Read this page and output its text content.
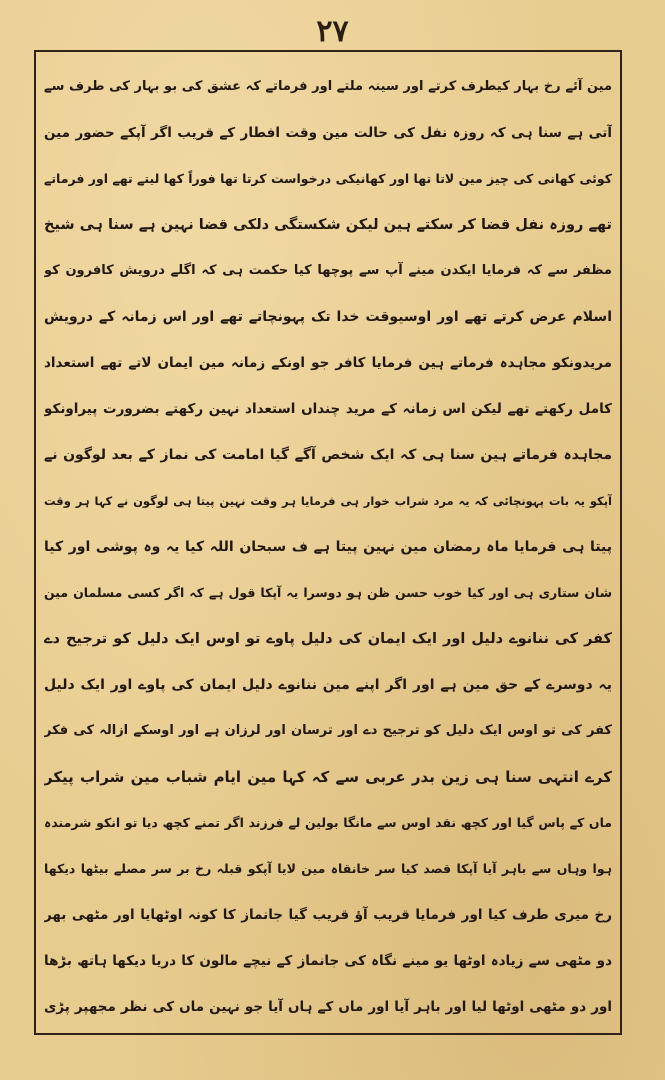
۲۷
مین آئے رخ بہار کیطرف کرتے اور سینہ ملتے اور فرماتے کہ عشق کی بو بہار کی طرف سے
آتی ہے سنا ہی کہ روزہ نفل کی حالت مین وقت افطار کے قریب اگر آپکے حضور مین
کوئی کھانی کی چیز مین لاتا تھا اور کھانیکی درخواست کرتا تھا فوراً کھا لیتے تھے اور فرماتے
تھے روزہ نفل قضا کر سکتے ہین لیکن شکستگی دلکی قضا نہین ہے سنا ہی شیخ
مظفر سے کہ فرمایا ایکدن مینے آپ سے پوچھا کیا حکمت ہی کہ اگلے درویش کافرون کو
اسلام عرض کرتے تھے اور اوسیوقت خدا تک پہونچاتے تھے اور اس زمانہ کے درویش
مریدونکو مجاہدہ فرماتے ہین فرمایا کافر جو اونکے زمانہ مین ایمان لاتے تھے استعداد
کامل رکھتے تھے لیکن اس زمانہ کے مرید چنداں استعداد نہین رکھتے بضرورت پیراونکو
مجاہدہ فرماتے ہین سنا ہی کہ ایک شخص آگے گیا امامت کی نماز کے بعد لوگون نے
آپکو یہ بات پہونچائی کہ یہ مرد شراب خوار ہی فرمایا ہر وقت نہین پیتا ہی لوگون نے کہا ہر وقت
پیتا ہی فرمایا ماہ رمضان مین نہین پیتا ہے ف سبحان اللہ کیا یہ وہ پوشی اور کیا
شان ستاری ہی اور کیا خوب حسن ظن ہو دوسرا یہ آپکا قول ہے کہ اگر کسی مسلمان مین
کفر کی ننانوے دلیل اور ایک ایمان کی دلیل پاوے تو اوس ایک دلیل کو ترجیح دے
یہ دوسرے کے حق مین ہے اور اگر اپنے مین ننانوے دلیل ایمان کی پاوے اور ایک دلیل
کفر کی تو اوس ایک دلیل کو ترجیح دے اور ترسان اور لرزان ہے اور اوسکے ازالہ کی فکر
کرے انتہی سنا ہی زین بدر عربی سے کہ کہا مین ایام شباب مین شراب پیکر
ماں کے پاس گیا اور کچھ نقد اوس سے مانگا بولین لے فرزند اگر تمنے کچھ دیا تو انکو شرمندہ
ہوا وہاں سے باہر آیا آپکا قصد کیا سر خانقاہ مین لایا آپکو قبلہ رخ بر سر مصلے بیٹھا دیکھا
رخ میری طرف کیا اور فرمایا قریب آؤ قریب گیا جانماز کا کونہ اوٹھایا اور مٹھی بھر
دو مٹھی سے زیادہ اوٹھا یو مینے نگاہ کی جانماز کے نیچے مالون کا دریا دیکھا ہاتھ بڑھا
اور دو مٹھی اوٹھا لیا اور باہر آیا اور ماں کے ہاں آیا جو نہین ماں کی نظر مجھپر پڑی
